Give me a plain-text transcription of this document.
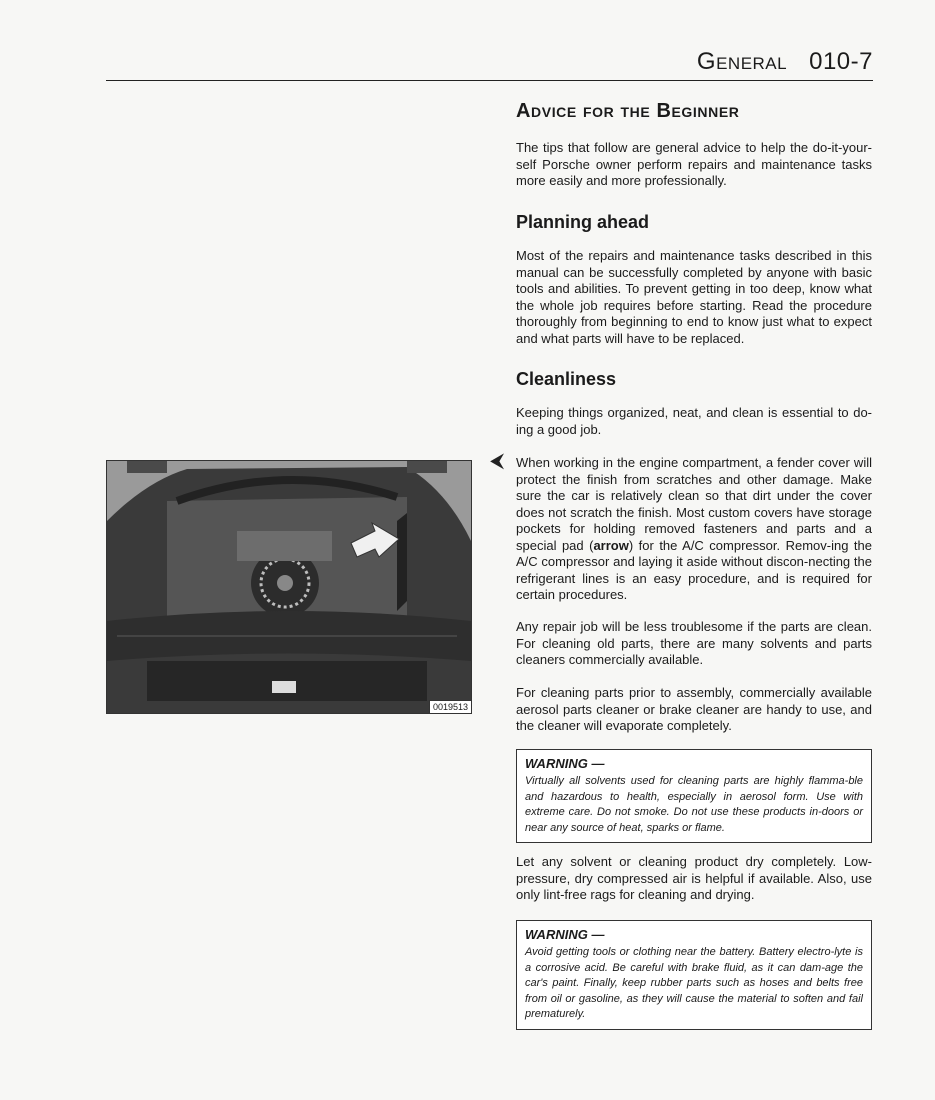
General 010-7
Advice for the Beginner

The tips that follow are general advice to help the do-it-your-self Porsche owner perform repairs and maintenance tasks more easily and more professionally.

Planning ahead

Most of the repairs and maintenance tasks described in this manual can be successfully completed by anyone with basic tools and abilities. To prevent getting in too deep, know what the whole job requires before starting. Read the procedure thoroughly from beginning to end to know just what to expect and what parts will have to be replaced.

Cleanliness

Keeping things organized, neat, and clean is essential to do-ing a good job.

⮜ When working in the engine compartment, a fender cover will protect the finish from scratches and other damage. Make sure the car is relatively clean so that dirt under the cover does not scratch the finish. Most custom covers have storage pockets for holding removed fasteners and parts and a special pad (arrow) for the A/C compressor. Remov-ing the A/C compressor and laying it aside without discon-necting the refrigerant lines is an easy procedure, and is required for certain procedures.

Any repair job will be less troublesome if the parts are clean. For cleaning old parts, there are many solvents and parts cleaners commercially available.

For cleaning parts prior to assembly, commercially available aerosol parts cleaner or brake cleaner are handy to use, and the cleaner will evaporate completely.

WARNING —
Virtually all solvents used for cleaning parts are highly flamma-ble and hazardous to health, especially in aerosol form. Use with extreme care. Do not smoke. Do not use these products in-doors or near any source of heat, sparks or flame.

Let any solvent or cleaning product dry completely. Low-pressure, dry compressed air is helpful if available. Also, use only lint-free rags for cleaning and drying.

WARNING —
Avoid getting tools or clothing near the battery. Battery electro-lyte is a corrosive acid. Be careful with brake fluid, as it can dam-age the car's paint. Finally, keep rubber parts such as hoses and belts free from oil or gasoline, as they will cause the material to soften and fail prematurely.
0019513
